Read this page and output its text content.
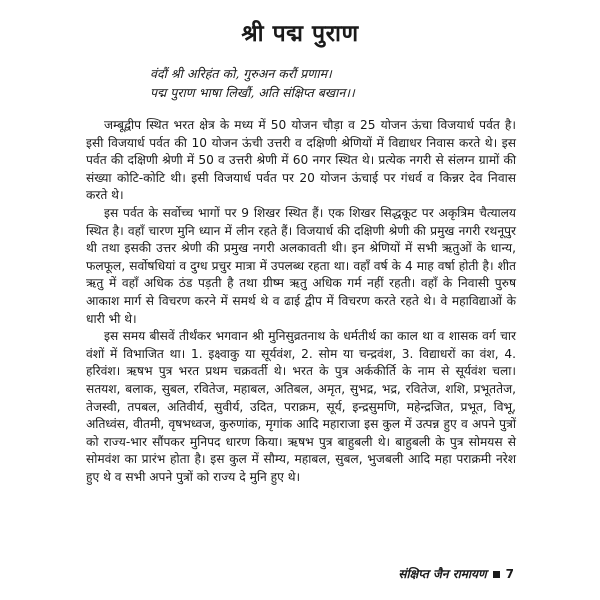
श्री पद्म पुराण
वंदौं श्री अरिहंत को, गुरुअन करौं प्रणाम।
पद्म पुराण भाषा लिखौं, अति संक्षिप्त बखान।।

जम्बूद्वीप स्थित भरत क्षेत्र के मध्य में 50 योजन चौड़ा व 25 योजन ऊंचा विजयार्ध पर्वत है। इसी विजयार्ध पर्वत की 10 योजन ऊंची उत्तरी व दक्षिणी श्रेणियों में विद्याधर निवास करते थे। इस पर्वत की दक्षिणी श्रेणी में 50 व उत्तरी श्रेणी में 60 नगर स्थित थे। प्रत्येक नगरी से संलग्न ग्रामों की संख्या कोटि-कोटि थी। इसी विजयार्ध पर्वत पर 20 योजन ऊंचाई पर गंधर्व व किन्नर देव निवास करते थे।

इस पर्वत के सर्वोच्च भागों पर 9 शिखर स्थित हैं। एक शिखर सिद्धकूट पर अकृत्रिम चैत्यालय स्थित है। वहाँ चारण मुनि ध्यान में लीन रहते हैं। विजयार्ध की दक्षिणी श्रेणी की प्रमुख नगरी रथनूपुर थी तथा इसकी उत्तर श्रेणी की प्रमुख नगरी अलकावती थी। इन श्रेणियों में सभी ऋतुओं के धान्य, फलफूल, सर्वोषधियां व दुग्ध प्रचुर मात्रा में उपलब्ध रहता था। वहाँ वर्ष के 4 माह वर्षा होती है। शीत ऋतु में वहाँ अधिक ठंड पड़ती है तथा ग्रीष्म ऋतु अधिक गर्म नहीं रहती। वहाँ के निवासी पुरुष आकाश मार्ग से विचरण करने में समर्थ थे व ढाई द्वीप में विचरण करते रहते थे। वे महाविद्याओं के धारी भी थे।

इस समय बीसवें तीर्थंकर भगवान श्री मुनिसुव्रतनाथ के धर्मतीर्थ का काल था व शासक वर्ग चार वंशों में विभाजित था। 1. इक्ष्वाकु या सूर्यवंश, 2. सोम या चन्द्रवंश, 3. विद्याधरों का वंश, 4. हरिवंश। ऋषभ पुत्र भरत प्रथम चक्रवर्ती थे। भरत के पुत्र अर्ककीर्ति के नाम से सूर्यवंश चला। सतयश, बलाक, सुबल, रवितेज, महाबल, अतिबल, अमृत, सुभद्र, भद्र, रवितेज, शशि, प्रभूततेज, तेजस्वी, तपबल, अतिवीर्य, सुवीर्य, उदित, पराक्रम, सूर्य, इन्द्रसुमणि, महेन्द्रजित, प्रभूत, विभू, अतिध्वंस, वीतमी, वृषभध्वज, कुरुणांक, मृगांक आदि महाराजा इस कुल में उत्पन्न हुए व अपने पुत्रों को राज्य-भार सौंपकर मुनिपद धारण किया। ऋषभ पुत्र बाहुबली थे। बाहुबली के पुत्र सोमयस से सोमवंश का प्रारंभ होता है। इस कुल में सौम्य, महाबल, सुबल, भुजबली आदि महा पराक्रमी नरेश हुए थे व सभी अपने पुत्रों को राज्य दे मुनि हुए थे।

संक्षिप्त जैन रामायण 7
